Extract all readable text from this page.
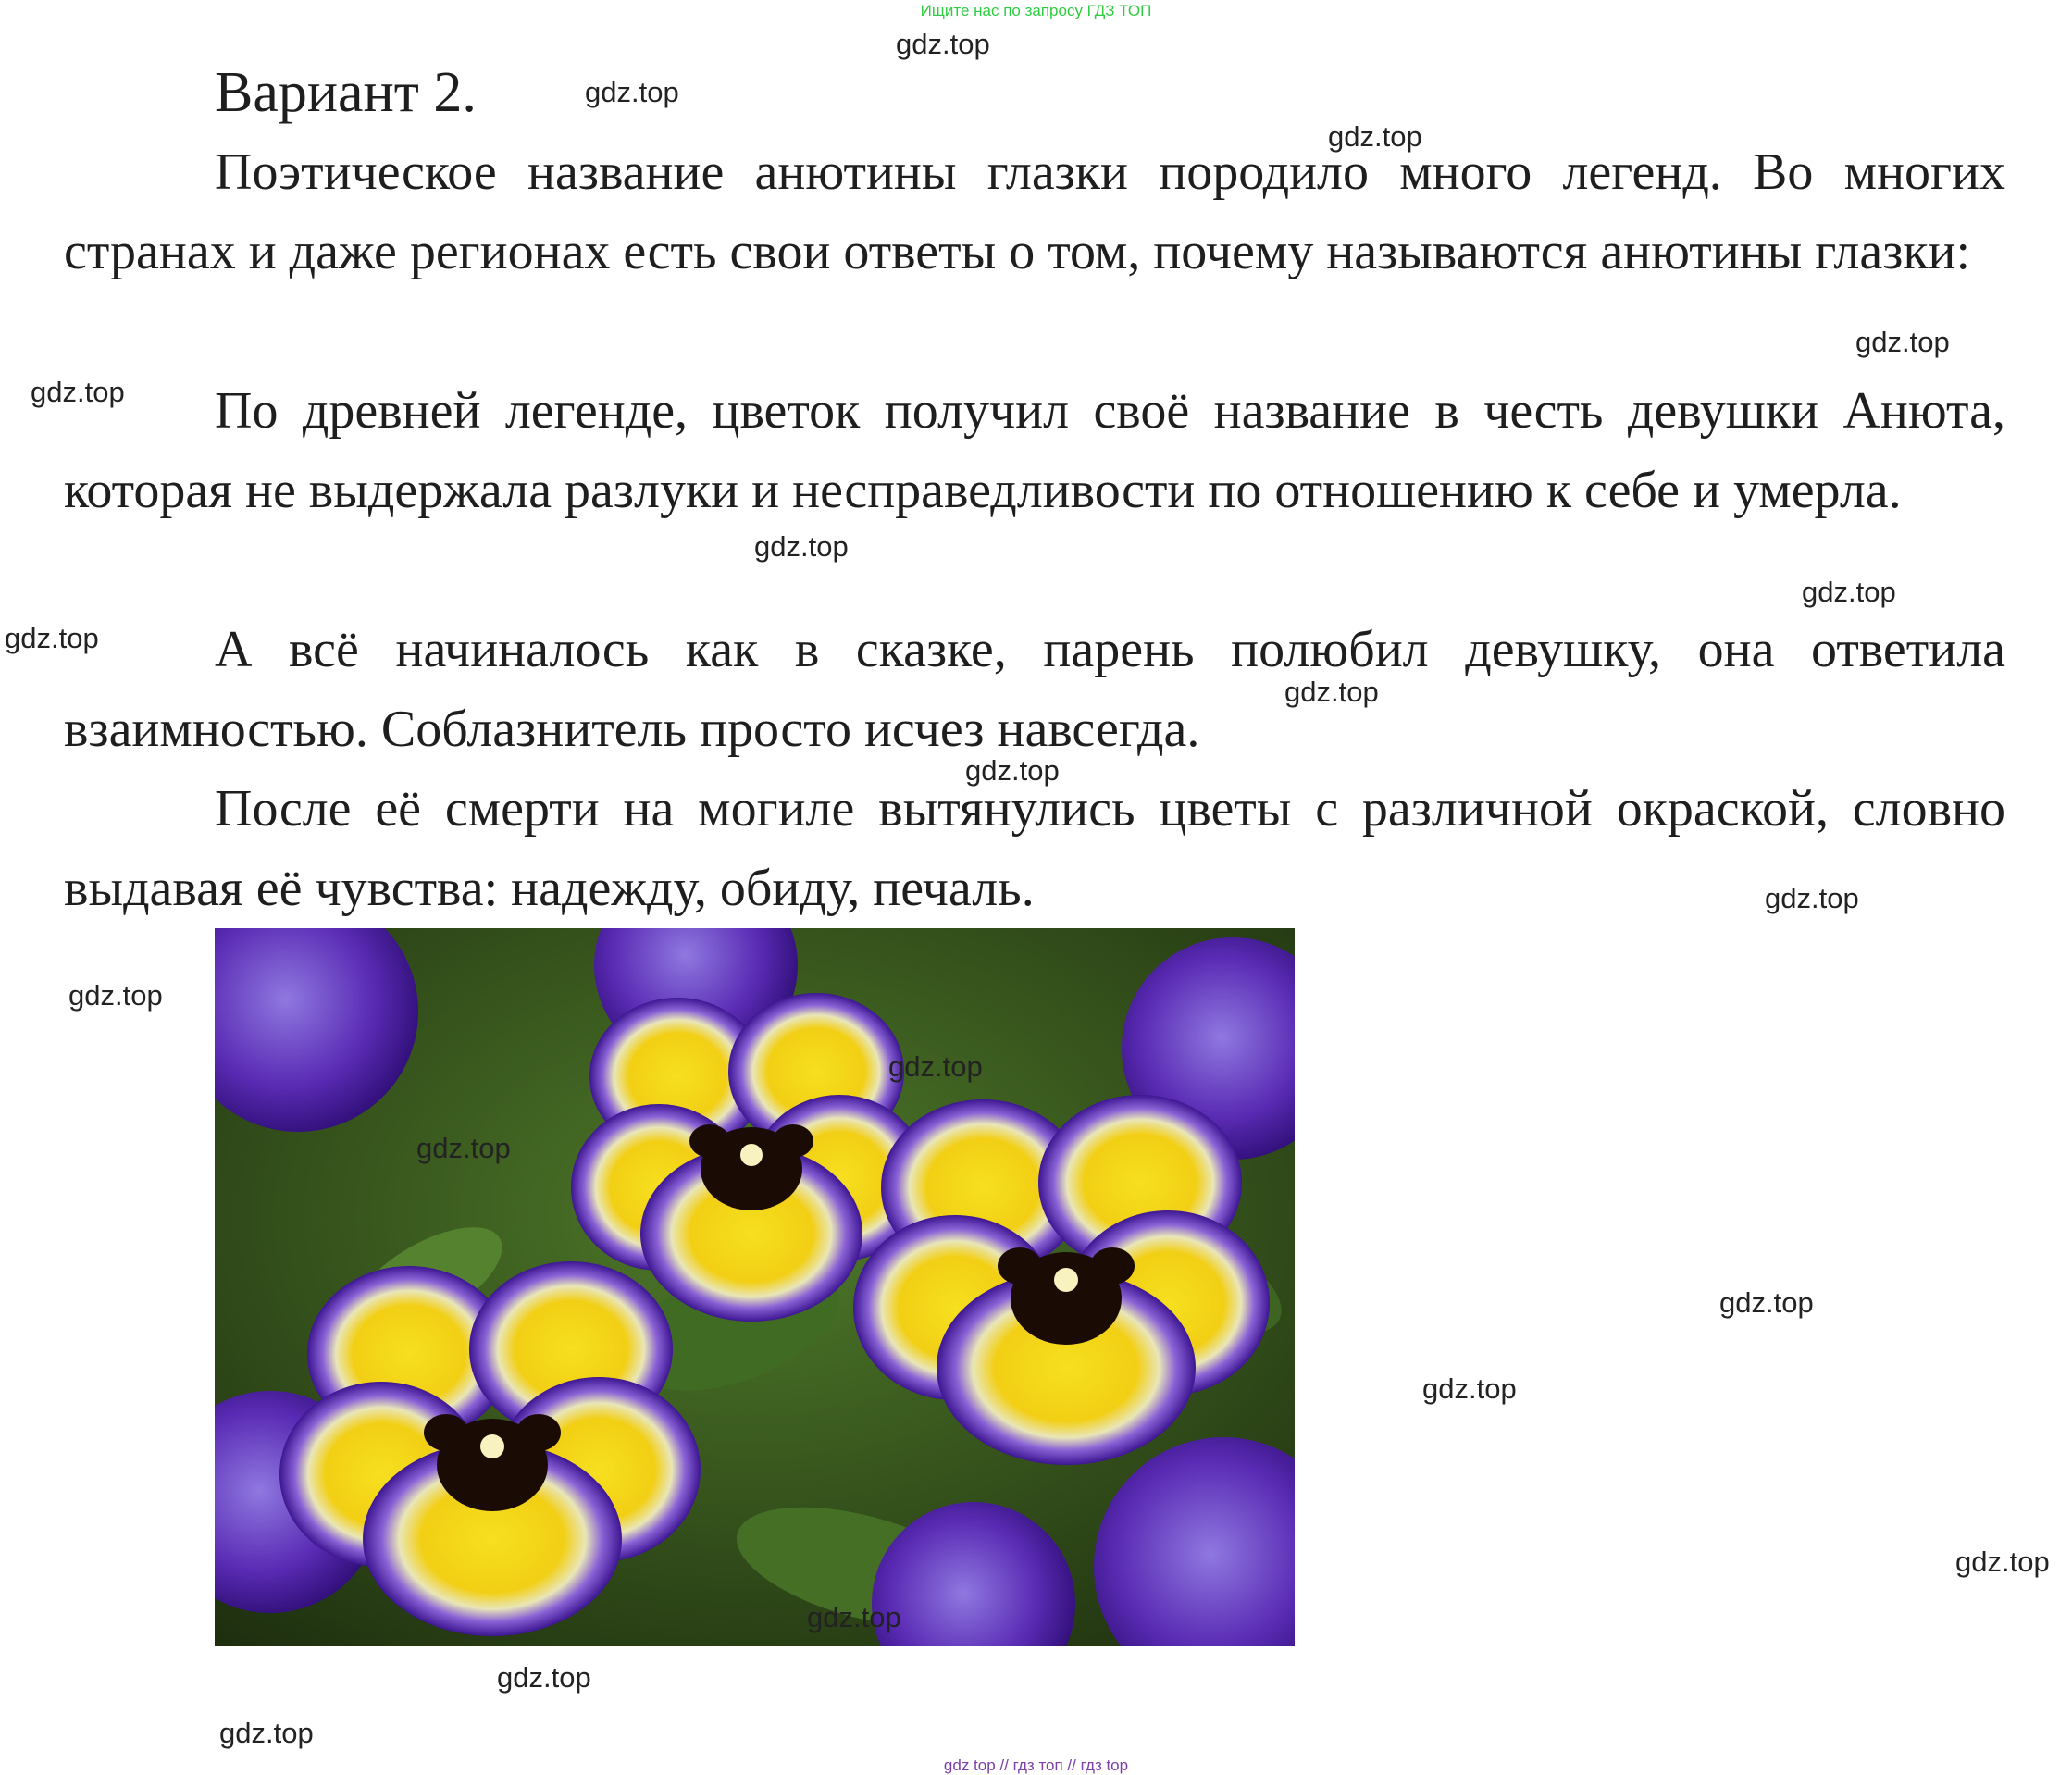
Ищите нас по запросу ГДЗ ТОП
Вариант 2.

Поэтическое название анютины глазки породило много легенд. Во многих странах и даже регионах есть свои ответы о том, почему называются анютины глазки:

По древней легенде, цветок получил своё название в честь девушки Анюта, которая не выдержала разлуки и несправедливости по отношению к себе и умерла.

А всё начиналось как в сказке, парень полюбил девушку, она ответила взаимностью. Соблазнитель просто исчез навсегда.

После её смерти на могиле вытянулись цветы с различной окраской, словно выдавая её чувства: надежду, обиду, печаль.

gdz.top
gdz.top
gdz.top
gdz.top
gdz.top
gdz.top
gdz.top
gdz.top
gdz.top
gdz.top
gdz.top
gdz.top
gdz.top
gdz.top
gdz.top
gdz.top
gdz.top
gdz.top
gdz.top
gdz.top
gdz top // гдз топ // гдз top
